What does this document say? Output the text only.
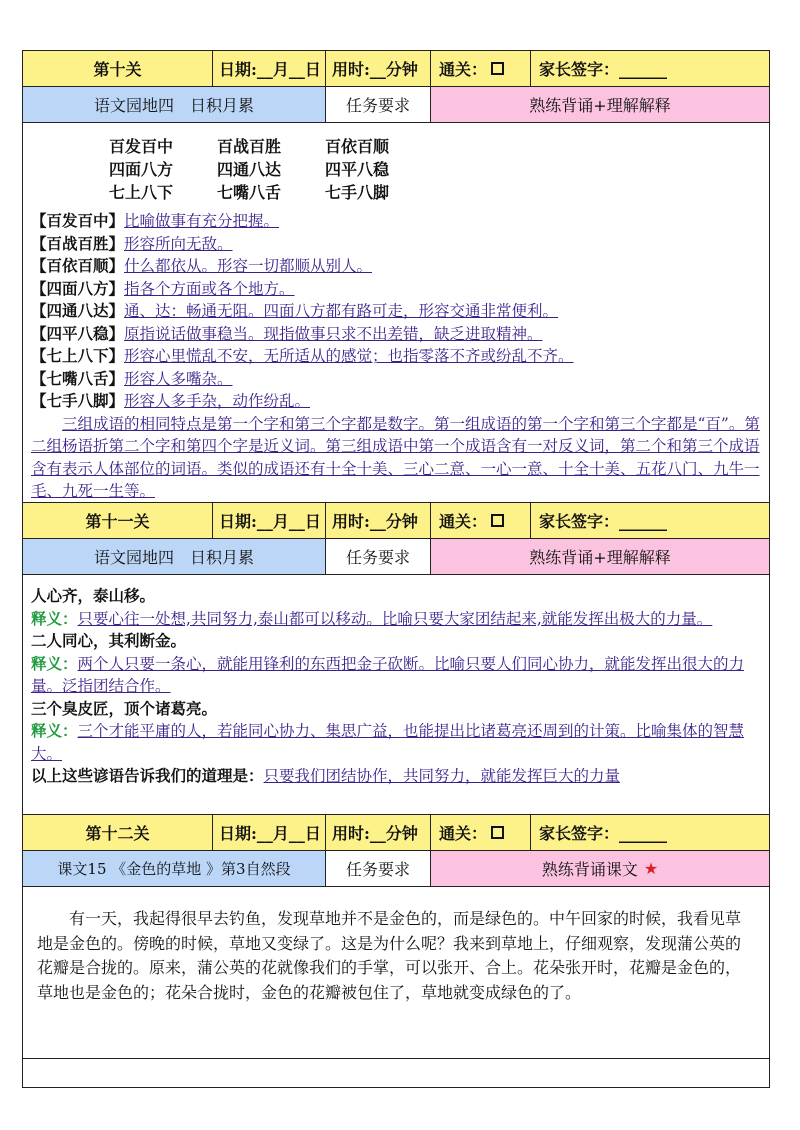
第十关	日期:__月__日 用时:__分钟	通关：	家长签字：______
语文园地四　日积月累	任务要求	熟练背诵+理解解释
百发百中	百战百胜	百依百顺
四面八方	四通八达	四平八稳
七上八下	七嘴八舌	七手八脚
【百发百中】比喻做事有充分把握。
【百战百胜】形容所向无敌。
【百依百顺】什么都依从。形容一切都顺从别人。
【四面八方】指各个方面或各个地方。
【四通八达】通、达：畅通无阻。四面八方都有路可走，形容交通非常便利。
【四平八稳】原指说话做事稳当。现指做事只求不出差错，缺乏进取精神。
【七上八下】形容心里慌乱不安，无所适从的感觉；也指零落不齐或纷乱不齐。
【七嘴八舌】形容人多嘴杂。
【七手八脚】形容人多手杂，动作纷乱。
三组成语的相同特点是第一个字和第三个字都是数字。第一组成语的第一个字和第三个字都是“百”。第二组杨语折第二个字和第四个字是近义词。第三组成语中第一个成语含有一对反义词，第二个和第三个成语含有表示人体部位的词语。类似的成语还有十全十美、三心二意、一心一意、十全十美、五花八门、九牛一毛、九死一生等。
第十一关	日期:__月__日 用时:__分钟	通关：	家长签字：______
语文园地四　日积月累	任务要求	熟练背诵+理解解释
人心齐，泰山移。
释义：只要心往一处想,共同努力,泰山都可以移动。比喻只要大家团结起来,就能发挥出极大的力量。
二人同心，其利断金。
释义：两个人只要一条心，就能用锋利的东西把金子砍断。比喻只要人们同心协力，就能发挥出很大的力量。泛指团结合作。
三个臭皮匠，顶个诸葛亮。
释义：三个才能平庸的人，若能同心协力、集思广益，也能提出比诸葛亮还周到的计策。比喻集体的智慧大。
以上这些谚语告诉我们的道理是：只要我们团结协作，共同努力，就能发挥巨大的力量
第十二关	日期:__月__日 用时:__分钟	通关：	家长签字：______
课文15 《金色的草地 》第3自然段	任务要求	熟练背诵课文 ★
有一天，我起得很早去钓鱼，发现草地并不是金色的，而是绿色的。中午回家的时候，我看见草地是金色的。傍晚的时候，草地又变绿了。这是为什么呢？我来到草地上，仔细观察，发现蒲公英的花瓣是合拢的。原来，蒲公英的花就像我们的手掌，可以张开、合上。花朵张开时，花瓣是金色的，草地也是金色的；花朵合拢时，金色的花瓣被包住了，草地就变成绿色的了。
